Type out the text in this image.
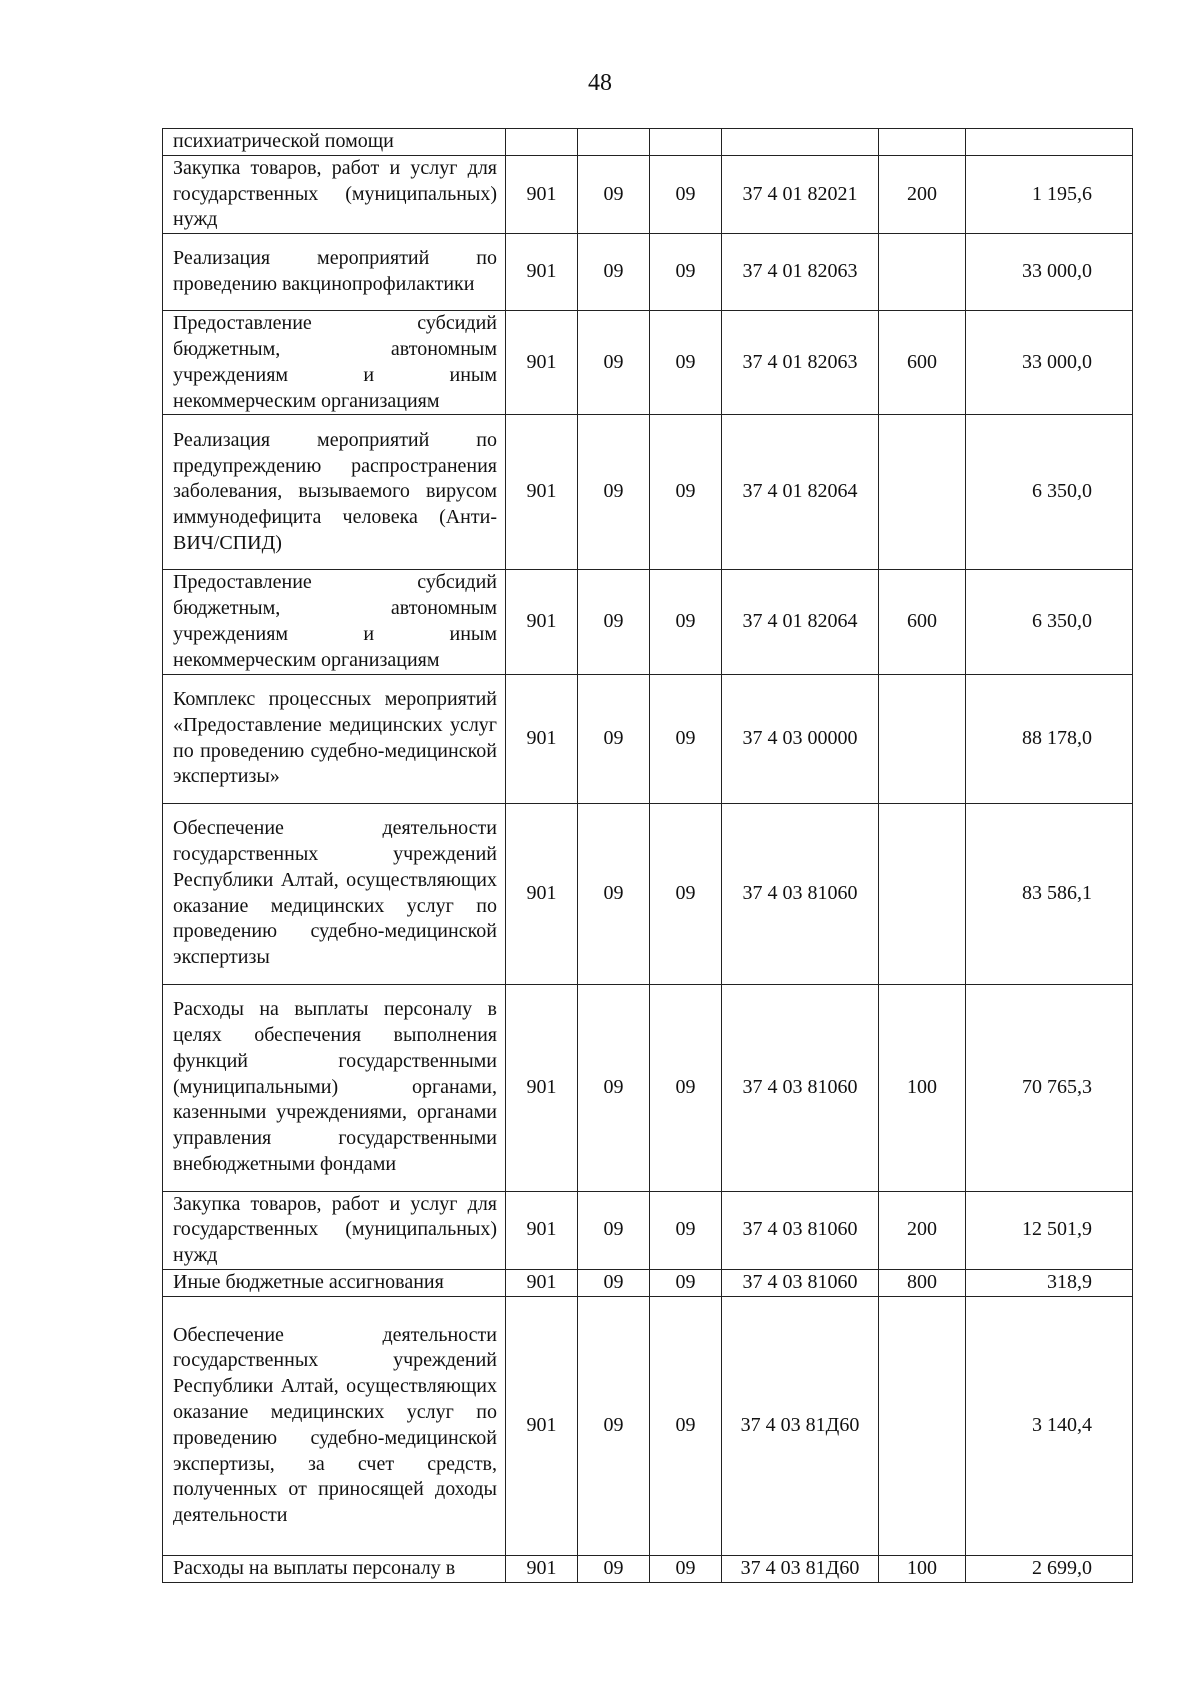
48
психиатрической помощи						
Закупка товаров, работ и услуг для государственных (муниципальных) нужд	901	09	09	37 4 01 82021	200	1 195,6
Реализация мероприятий по проведению вакцинопрофилактики	901	09	09	37 4 01 82063		33 000,0
Предоставление субсидий бюджетным, автономным учреждениям и иным некоммерческим организациям	901	09	09	37 4 01 82063	600	33 000,0
Реализация мероприятий по предупреждению распространения заболевания, вызываемого вирусом иммунодефицита человека (Анти-ВИЧ/СПИД)	901	09	09	37 4 01 82064		6 350,0
Предоставление субсидий бюджетным, автономным учреждениям и иным некоммерческим организациям	901	09	09	37 4 01 82064	600	6 350,0
Комплекс процессных мероприятий «Предоставление медицинских услуг по проведению судебно-медицинской экспертизы»	901	09	09	37 4 03 00000		88 178,0
Обеспечение деятельности государственных учреждений Республики Алтай, осуществляющих оказание медицинских услуг по проведению судебно-медицинской экспертизы	901	09	09	37 4 03 81060		83 586,1
Расходы на выплаты персоналу в целях обеспечения выполнения функций государственными (муниципальными) органами, казенными учреждениями, органами управления государственными внебюджетными фондами	901	09	09	37 4 03 81060	100	70 765,3
Закупка товаров, работ и услуг для государственных (муниципальных) нужд	901	09	09	37 4 03 81060	200	12 501,9
Иные бюджетные ассигнования	901	09	09	37 4 03 81060	800	318,9
Обеспечение деятельности государственных учреждений Республики Алтай, осуществляющих оказание медицинских услуг по проведению судебно-медицинской экспертизы, за счет средств, полученных от приносящей доходы деятельности	901	09	09	37 4 03 81Д60		3 140,4
Расходы на выплаты персоналу в	901	09	09	37 4 03 81Д60	100	2 699,0
